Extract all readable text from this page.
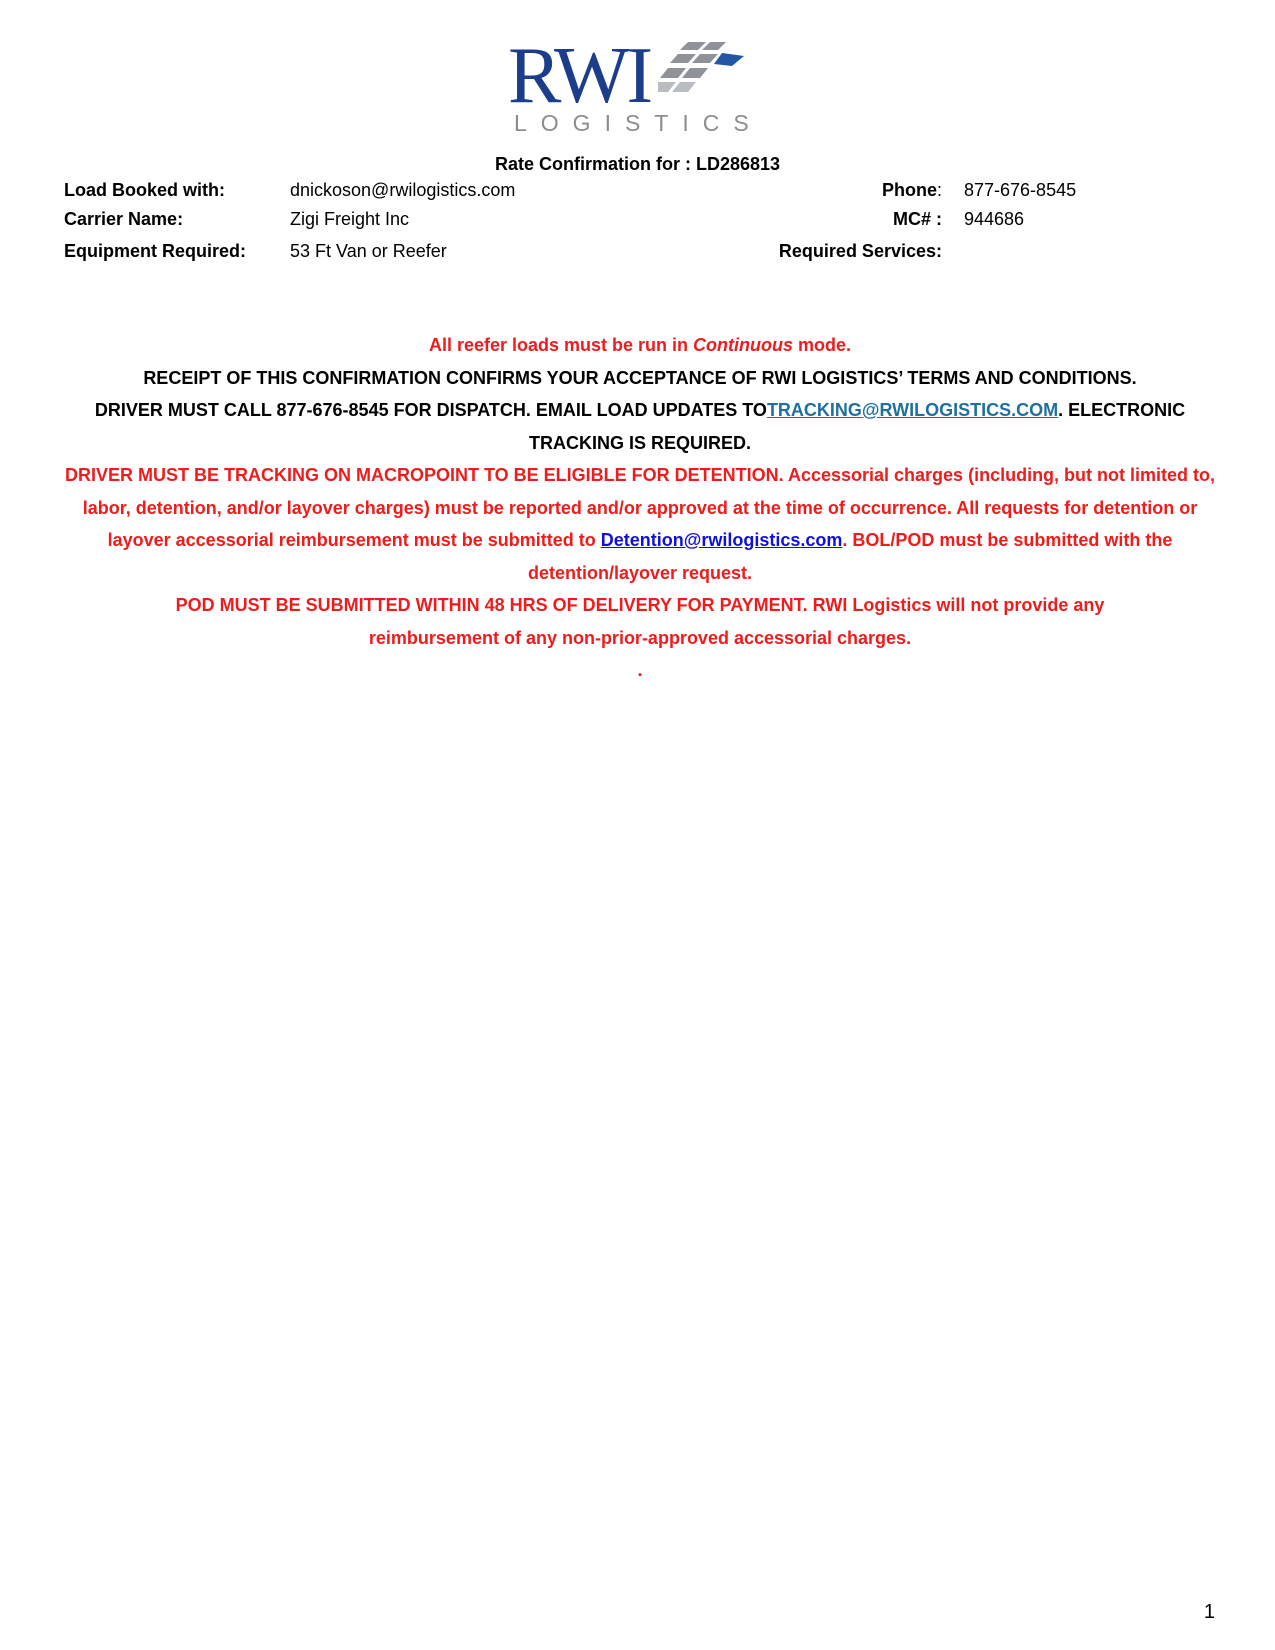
RWI
LOGISTICS
Rate Confirmation for : LD286813
Load Booked with:	dnickoson@rwilogistics.com	Phone: 877-676-8545
Carrier Name:	Zigi Freight Inc	MC# : 944686
Equipment Required: 53 Ft Van or Reefer	Required Services:
All reefer loads must be run in Continuous mode.
RECEIPT OF THIS CONFIRMATION CONFIRMS YOUR ACCEPTANCE OF RWI LOGISTICS’ TERMS AND CONDITIONS.
DRIVER MUST CALL 877-676-8545 FOR DISPATCH. EMAIL LOAD UPDATES TOTRACKING@RWILOGISTICS.COM. ELECTRONIC TRACKING IS REQUIRED.
DRIVER MUST BE TRACKING ON MACROPOINT TO BE ELIGIBLE FOR DETENTION. Accessorial charges (including, but not limited to, labor, detention, and/or layover charges) must be reported and/or approved at the time of occurrence. All requests for detention or layover accessorial reimbursement must be submitted to Detention@rwilogistics.com. BOL/POD must be submitted with the detention/layover request.
POD MUST BE SUBMITTED WITHIN 48 HRS OF DELIVERY FOR PAYMENT. RWI Logistics will not provide any reimbursement of any non-prior-approved accessorial charges.
.
1
